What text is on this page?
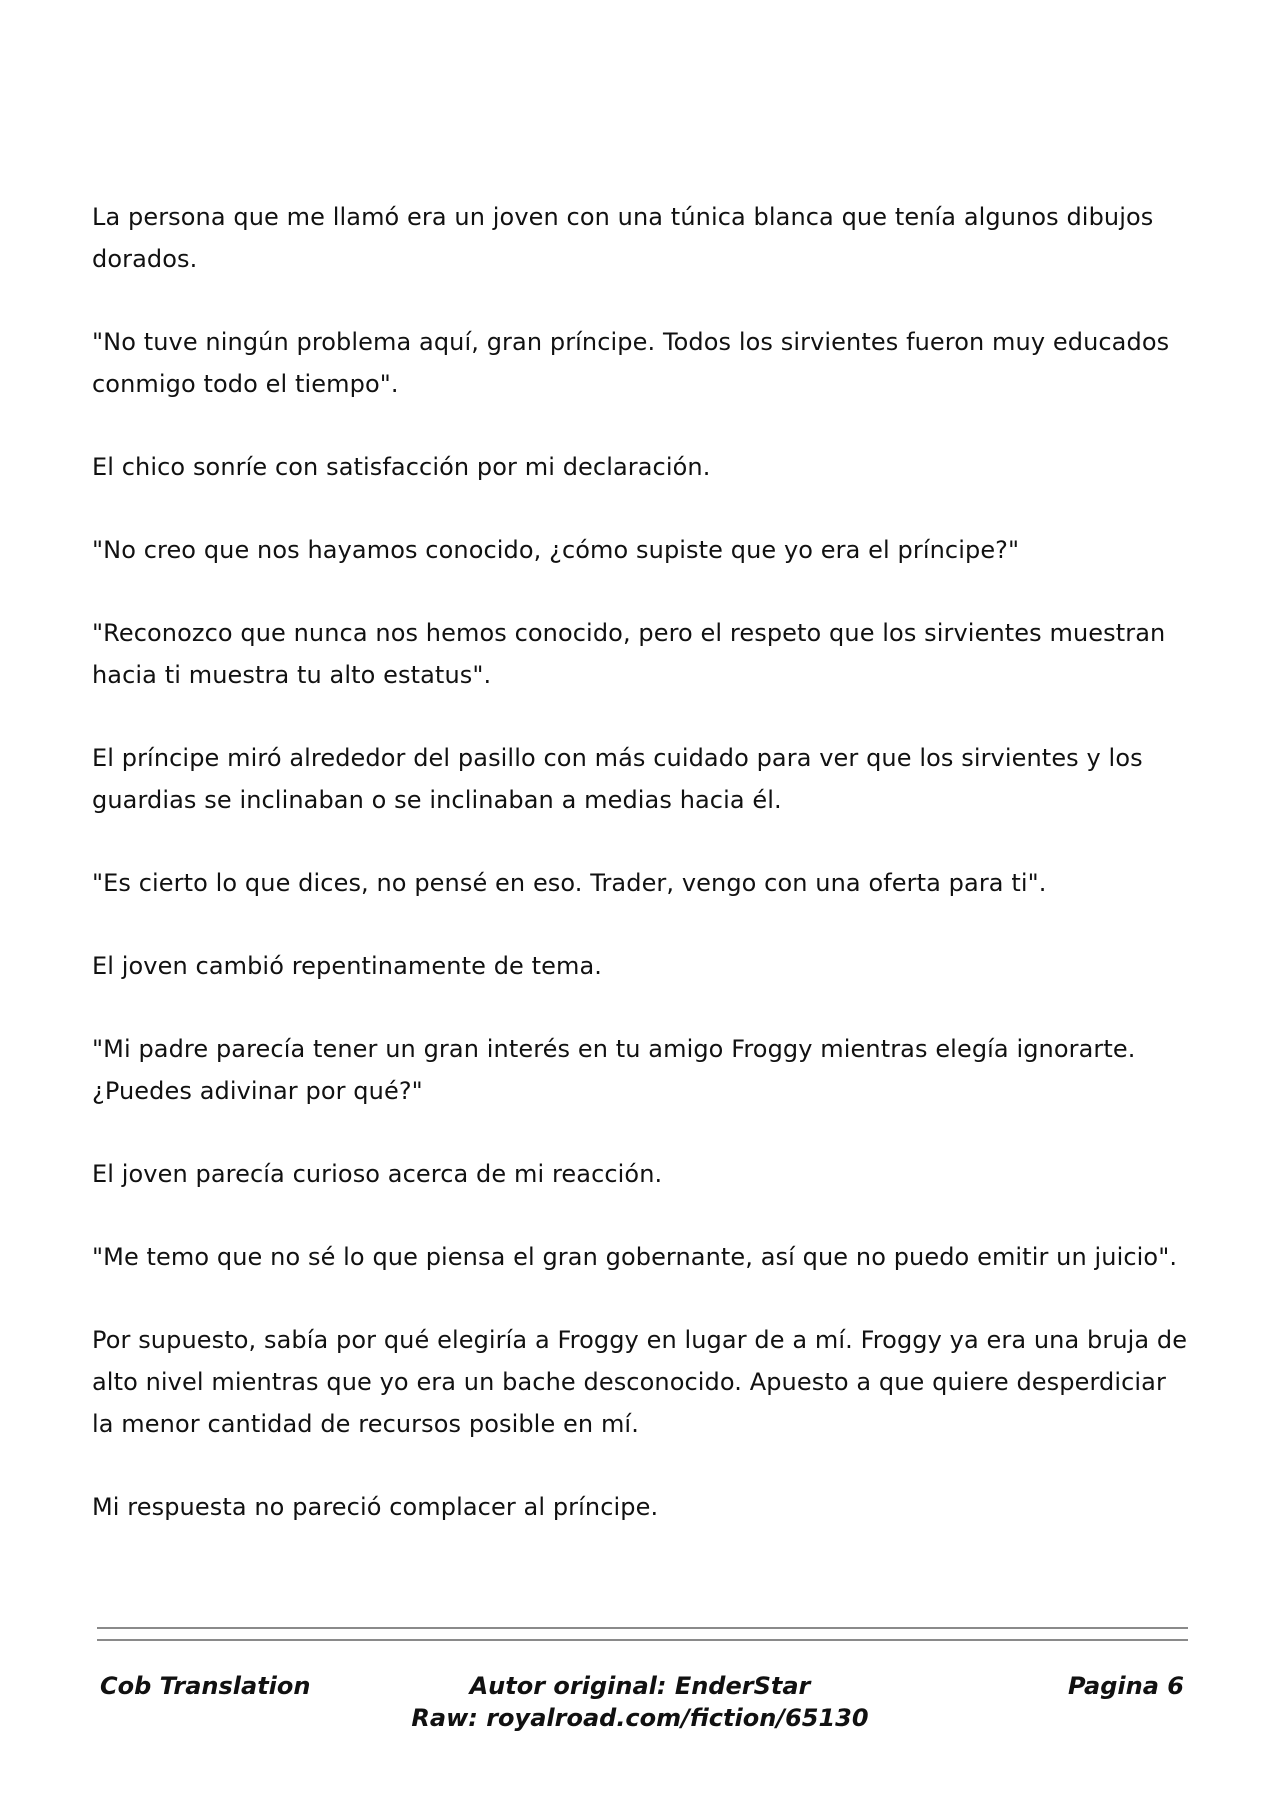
La persona que me llamó era un joven con una túnica blanca que tenía algunos dibujos dorados.

"No tuve ningún problema aquí, gran príncipe. Todos los sirvientes fueron muy educados conmigo todo el tiempo".

El chico sonríe con satisfacción por mi declaración.

"No creo que nos hayamos conocido, ¿cómo supiste que yo era el príncipe?"

"Reconozco que nunca nos hemos conocido, pero el respeto que los sirvientes muestran hacia ti muestra tu alto estatus".

El príncipe miró alrededor del pasillo con más cuidado para ver que los sirvientes y los guardias se inclinaban o se inclinaban a medias hacia él.

"Es cierto lo que dices, no pensé en eso. Trader, vengo con una oferta para ti".

El joven cambió repentinamente de tema.

"Mi padre parecía tener un gran interés en tu amigo Froggy mientras elegía ignorarte. ¿Puedes adivinar por qué?"

El joven parecía curioso acerca de mi reacción.

"Me temo que no sé lo que piensa el gran gobernante, así que no puedo emitir un juicio".

Por supuesto, sabía por qué elegiría a Froggy en lugar de a mí. Froggy ya era una bruja de alto nivel mientras que yo era un bache desconocido. Apuesto a que quiere desperdiciar la menor cantidad de recursos posible en mí.

Mi respuesta no pareció complacer al príncipe.

Cob Translation	Autor original: EnderStar
Raw: royalroad.com/fiction/65130
Pagina 6
